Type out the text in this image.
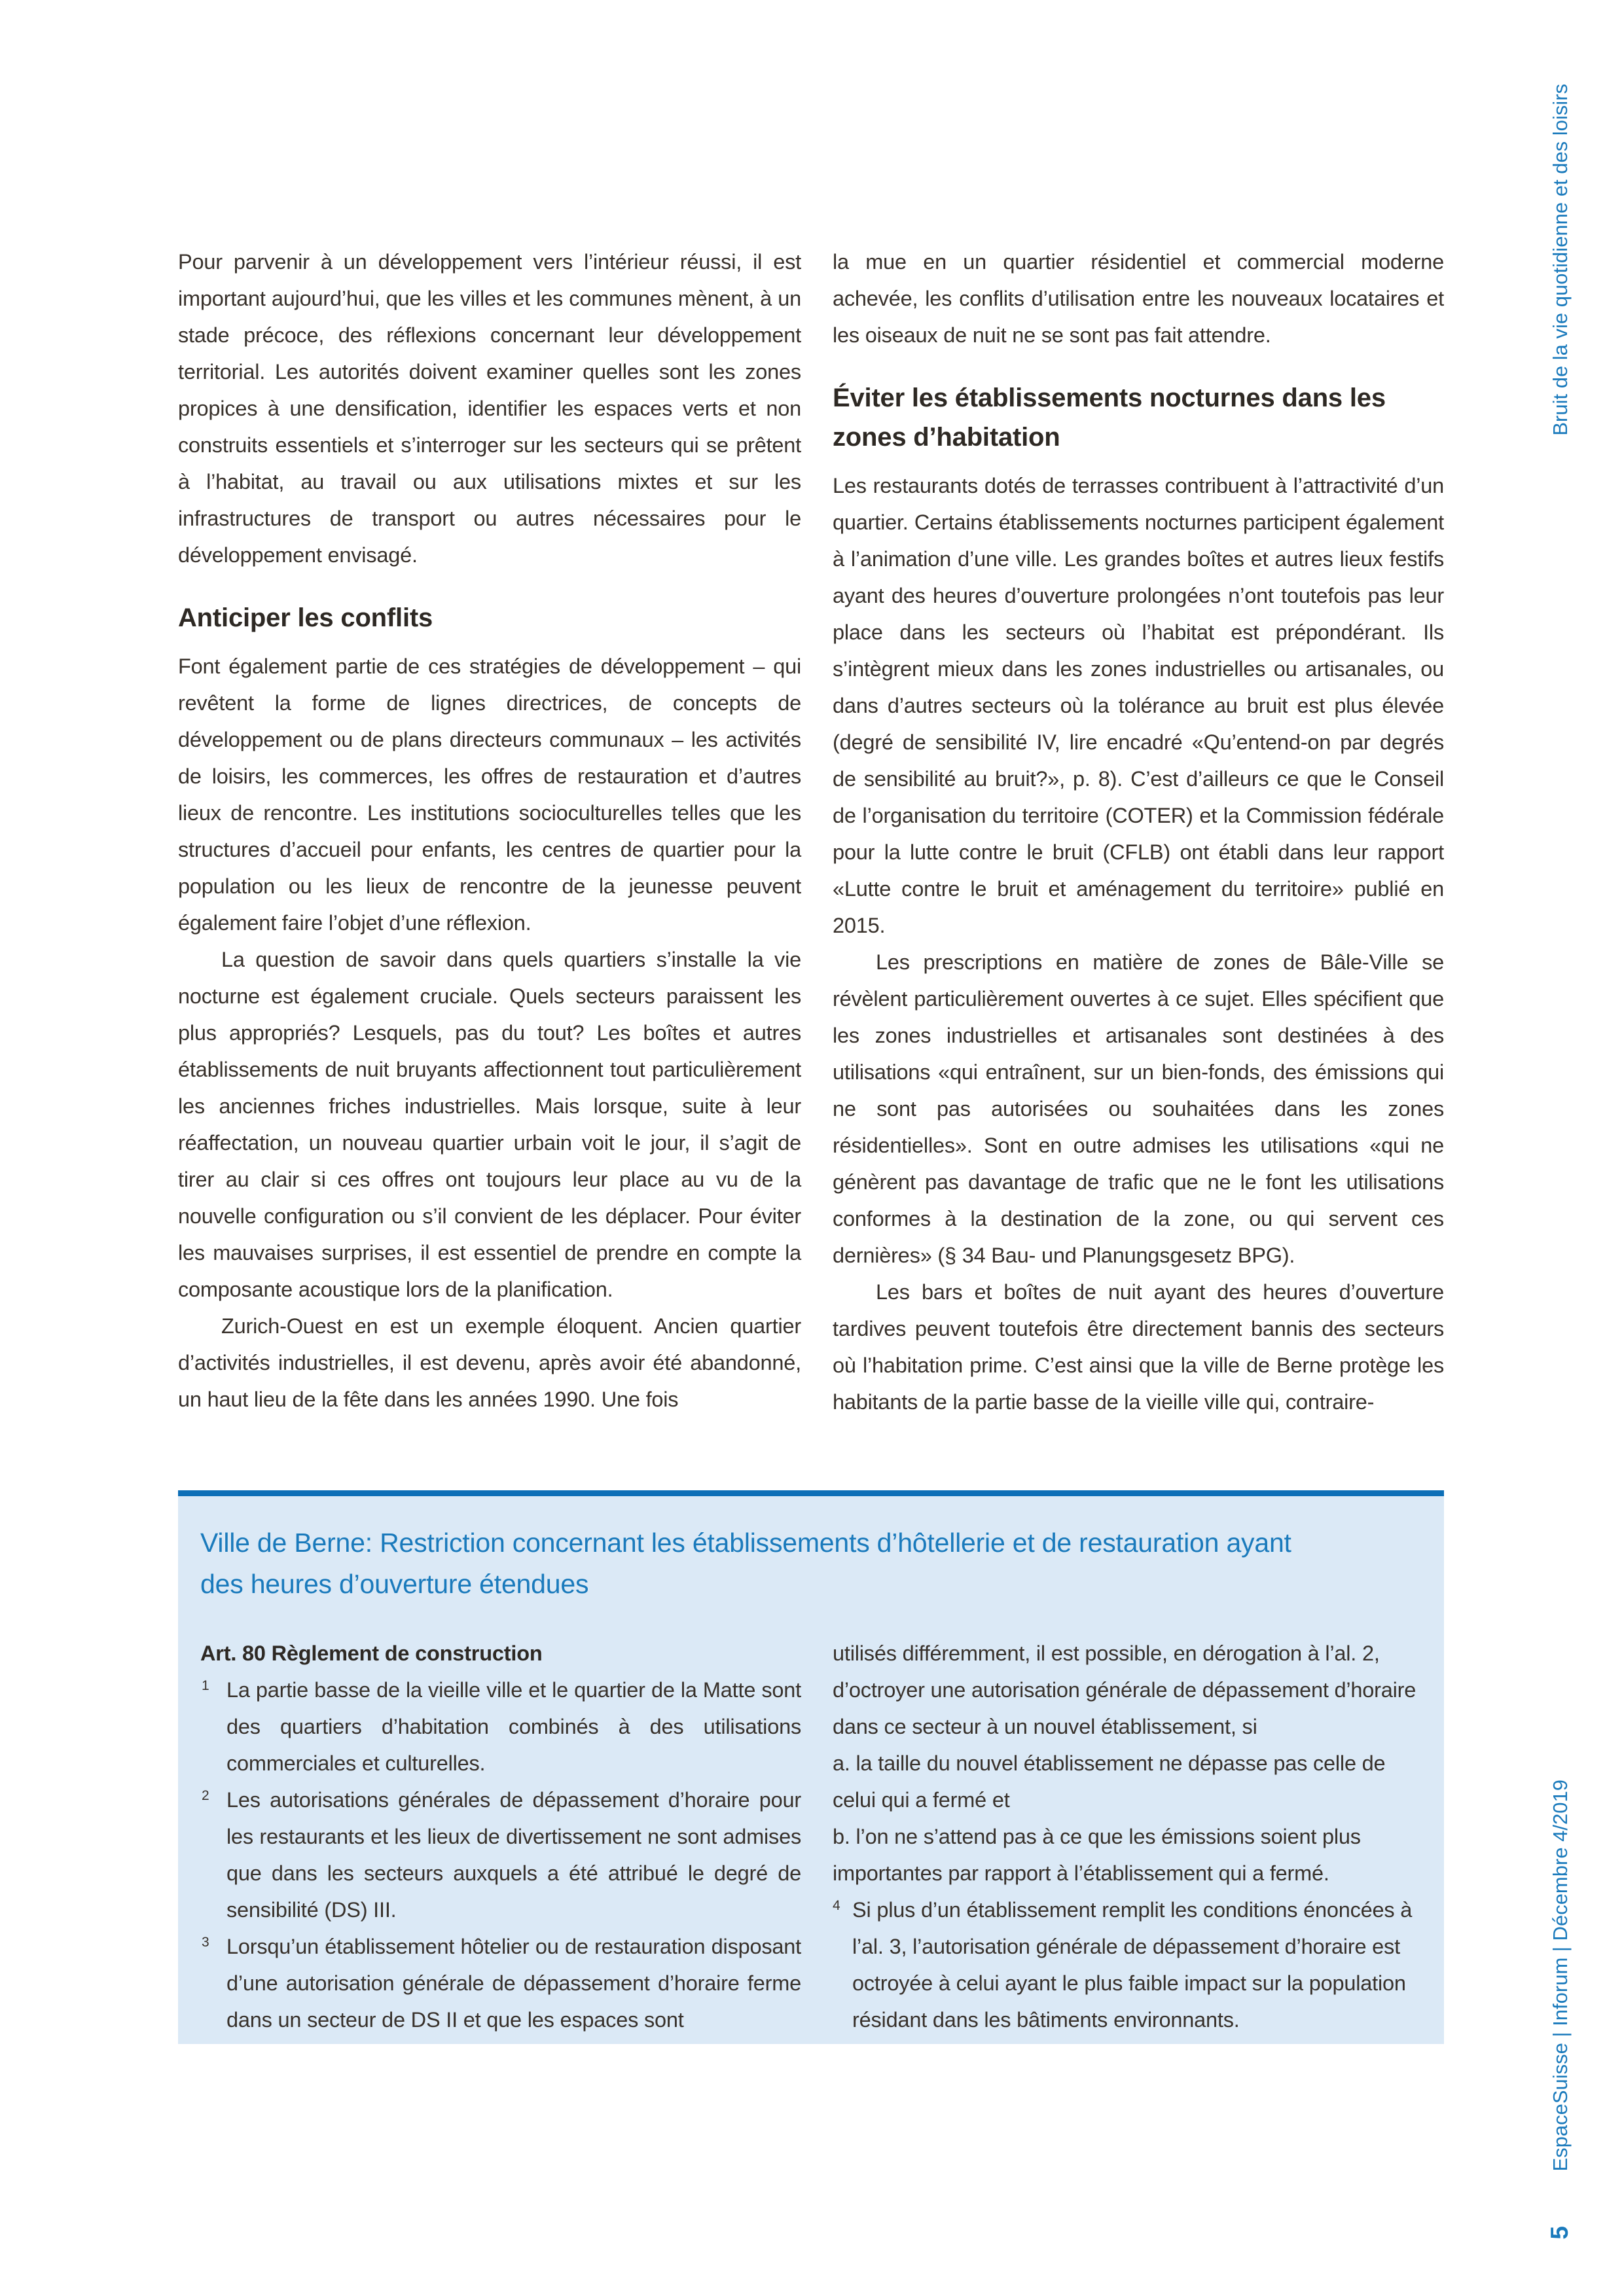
Pour parvenir à un développement vers l’intérieur réussi, il est important aujourd’hui, que les villes et les communes mènent, à un stade précoce, des réflexions concernant leur développement territorial. Les autorités doivent examiner quelles sont les zones propices à une densification, identifier les espaces verts et non construits essentiels et s’interroger sur les secteurs qui se prêtent à l’habitat, au travail ou aux utilisations mixtes et sur les infrastructures de transport ou autres nécessaires pour le développement envisagé.

Anticiper les conflits

Font également partie de ces stratégies de développement – qui revêtent la forme de lignes directrices, de concepts de développement ou de plans directeurs communaux – les activités de loisirs, les commerces, les offres de restauration et d’autres lieux de rencontre. Les institutions socioculturelles telles que les structures d’accueil pour enfants, les centres de quartier pour la population ou les lieux de rencontre de la jeunesse peuvent également faire l’objet d’une réflexion.

La question de savoir dans quels quartiers s’installe la vie nocturne est également cruciale. Quels secteurs paraissent les plus appropriés? Lesquels, pas du tout? Les boîtes et autres établissements de nuit bruyants affectionnent tout particulièrement les anciennes friches industrielles. Mais lorsque, suite à leur réaffectation, un nouveau quartier urbain voit le jour, il s’agit de tirer au clair si ces offres ont toujours leur place au vu de la nouvelle configuration ou s’il convient de les déplacer. Pour éviter les mauvaises surprises, il est essentiel de prendre en compte la composante acoustique lors de la planification.

Zurich-Ouest en est un exemple éloquent. Ancien quartier d’activités industrielles, il est devenu, après avoir été abandonné, un haut lieu de la fête dans les années 1990. Une fois

la mue en un quartier résidentiel et commercial moderne achevée, les conflits d’utilisation entre les nouveaux locataires et les oiseaux de nuit ne se sont pas fait attendre.

Éviter les établissements nocturnes dans les zones d’habitation

Les restaurants dotés de terrasses contribuent à l’attractivité d’un quartier. Certains établissements nocturnes participent également à l’animation d’une ville. Les grandes boîtes et autres lieux festifs ayant des heures d’ouverture prolongées n’ont toutefois pas leur place dans les secteurs où l’habitat est prépondérant. Ils s’intègrent mieux dans les zones industrielles ou artisanales, ou dans d’autres secteurs où la tolérance au bruit est plus élevée (degré de sensibilité IV, lire encadré «Qu’entend-on par degrés de sensibilité au bruit?», p. 8). C’est d’ailleurs ce que le Conseil de l’organisation du territoire (COTER) et la Commission fédérale pour la lutte contre le bruit (CFLB) ont établi dans leur rapport «Lutte contre le bruit et aménagement du territoire» publié en 2015.

Les prescriptions en matière de zones de Bâle-Ville se révèlent particulièrement ouvertes à ce sujet. Elles spécifient que les zones industrielles et artisanales sont destinées à des utilisations «qui entraînent, sur un bien-fonds, des émissions qui ne sont pas autorisées ou souhaitées dans les zones résidentielles». Sont en outre admises les utilisations «qui ne génèrent pas davantage de trafic que ne le font les utilisations conformes à la destination de la zone, ou qui servent ces dernières» (§ 34 Bau- und Planungsgesetz BPG).

Les bars et boîtes de nuit ayant des heures d’ouverture tardives peuvent toutefois être directement bannis des secteurs où l’habitation prime. C’est ainsi que la ville de Berne protège les habitants de la partie basse de la vieille ville qui, contraire-

Ville de Berne: Restriction concernant les établissements d’hôtellerie et de restauration ayant des heures d’ouverture étendues

Art. 80 Règlement de construction

1 La partie basse de la vieille ville et le quartier de la Matte sont des quartiers d’habitation combinés à des utilisations commerciales et culturelles.
2 Les autorisations générales de dépassement d’horaire pour les restaurants et les lieux de divertissement ne sont admises que dans les secteurs auxquels a été attribué le degré de sensibilité (DS) III.
3 Lorsqu’un établissement hôtelier ou de restauration disposant d’une autorisation générale de dépassement d’horaire ferme dans un secteur de DS II et que les espaces sont

utilisés différemment, il est possible, en dérogation à l’al. 2, d’octroyer une autorisation générale de dépassement d’horaire dans ce secteur à un nouvel établissement, si

a. la taille du nouvel établissement ne dépasse pas celle de celui qui a fermé et

b. l’on ne s’attend pas à ce que les émissions soient plus importantes par rapport à l’établissement qui a fermé.

4 Si plus d’un établissement remplit les conditions énoncées à l’al. 3, l’autorisation générale de dépassement d’horaire est octroyée à celui ayant le plus faible impact sur la population résidant dans les bâtiments environnants.
Bruit de la vie quotidienne et des loisirs
EspaceSuisse | Inforum | Décembre 4/2019
5
